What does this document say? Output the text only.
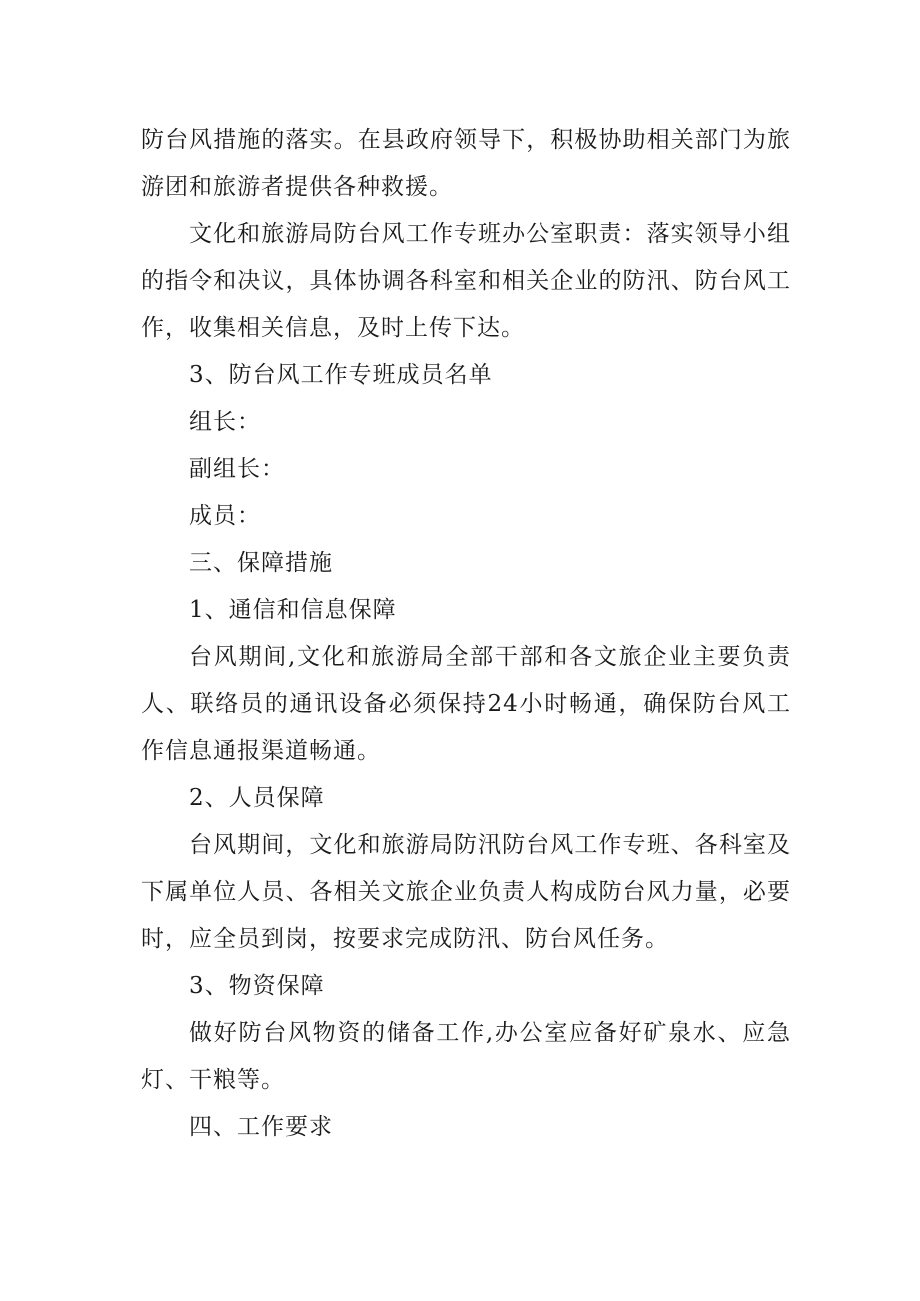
防台风措施的落实。在县政府领导下，积极协助相关部门为旅游团和旅游者提供各种救援。

文化和旅游局防台风工作专班办公室职责：落实领导小组的指令和决议，具体协调各科室和相关企业的防汛、防台风工作，收集相关信息，及时上传下达。

3、防台风工作专班成员名单

组长：

副组长：

成员：

三、保障措施

1、通信和信息保障

台风期间,文化和旅游局全部干部和各文旅企业主要负责人、联络员的通讯设备必须保持24小时畅通，确保防台风工作信息通报渠道畅通。

2、人员保障

台风期间，文化和旅游局防汛防台风工作专班、各科室及下属单位人员、各相关文旅企业负责人构成防台风力量，必要时，应全员到岗，按要求完成防汛、防台风任务。

3、物资保障

做好防台风物资的储备工作,办公室应备好矿泉水、应急灯、干粮等。

四、工作要求
